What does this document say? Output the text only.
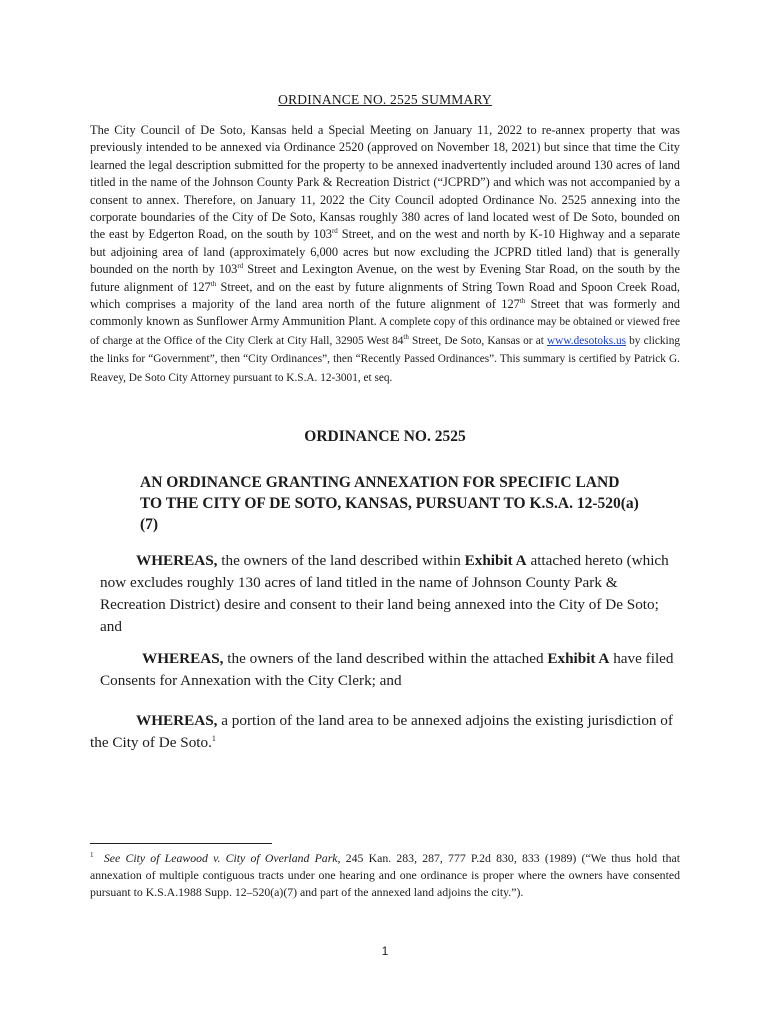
ORDINANCE NO. 2525 SUMMARY
The City Council of De Soto, Kansas held a Special Meeting on January 11, 2022 to re-annex property that was previously intended to be annexed via Ordinance 2520 (approved on November 18, 2021) but since that time the City learned the legal description submitted for the property to be annexed inadvertently included around 130 acres of land titled in the name of the Johnson County Park & Recreation District (“JCPRD”) and which was not accompanied by a consent to annex. Therefore, on January 11, 2022 the City Council adopted Ordinance No. 2525 annexing into the corporate boundaries of the City of De Soto, Kansas roughly 380 acres of land located west of De Soto, bounded on the east by Edgerton Road, on the south by 103rd Street, and on the west and north by K-10 Highway and a separate but adjoining area of land (approximately 6,000 acres but now excluding the JCPRD titled land) that is generally bounded on the north by 103rd Street and Lexington Avenue, on the west by Evening Star Road, on the south by the future alignment of 127th Street, and on the east by future alignments of String Town Road and Spoon Creek Road, which comprises a majority of the land area north of the future alignment of 127th Street that was formerly and commonly known as Sunflower Army Ammunition Plant. A complete copy of this ordinance may be obtained or viewed free of charge at the Office of the City Clerk at City Hall, 32905 West 84th Street, De Soto, Kansas or at www.desotoks.us by clicking the links for “Government”, then “City Ordinances”, then “Recently Passed Ordinances”. This summary is certified by Patrick G. Reavey, De Soto City Attorney pursuant to K.S.A. 12-3001, et seq.
ORDINANCE NO. 2525
AN ORDINANCE GRANTING ANNEXATION FOR SPECIFIC LAND TO THE CITY OF DE SOTO, KANSAS, PURSUANT TO K.S.A. 12-520(a)(7)
WHEREAS, the owners of the land described within Exhibit A attached hereto (which now excludes roughly 130 acres of land titled in the name of Johnson County Park & Recreation District) desire and consent to their land being annexed into the City of De Soto; and
WHEREAS, the owners of the land described within the attached Exhibit A have filed Consents for Annexation with the City Clerk; and
WHEREAS, a portion of the land area to be annexed adjoins the existing jurisdiction of the City of De Soto.$^1$
$^1$ See City of Leawood v. City of Overland Park, 245 Kan. 283, 287, 777 P.2d 830, 833 (1989) (“We thus hold that annexation of multiple contiguous tracts under one hearing and one ordinance is proper where the owners have consented pursuant to K.S.A.1988 Supp. 12–520(a)(7) and part of the annexed land adjoins the city.”).
1
